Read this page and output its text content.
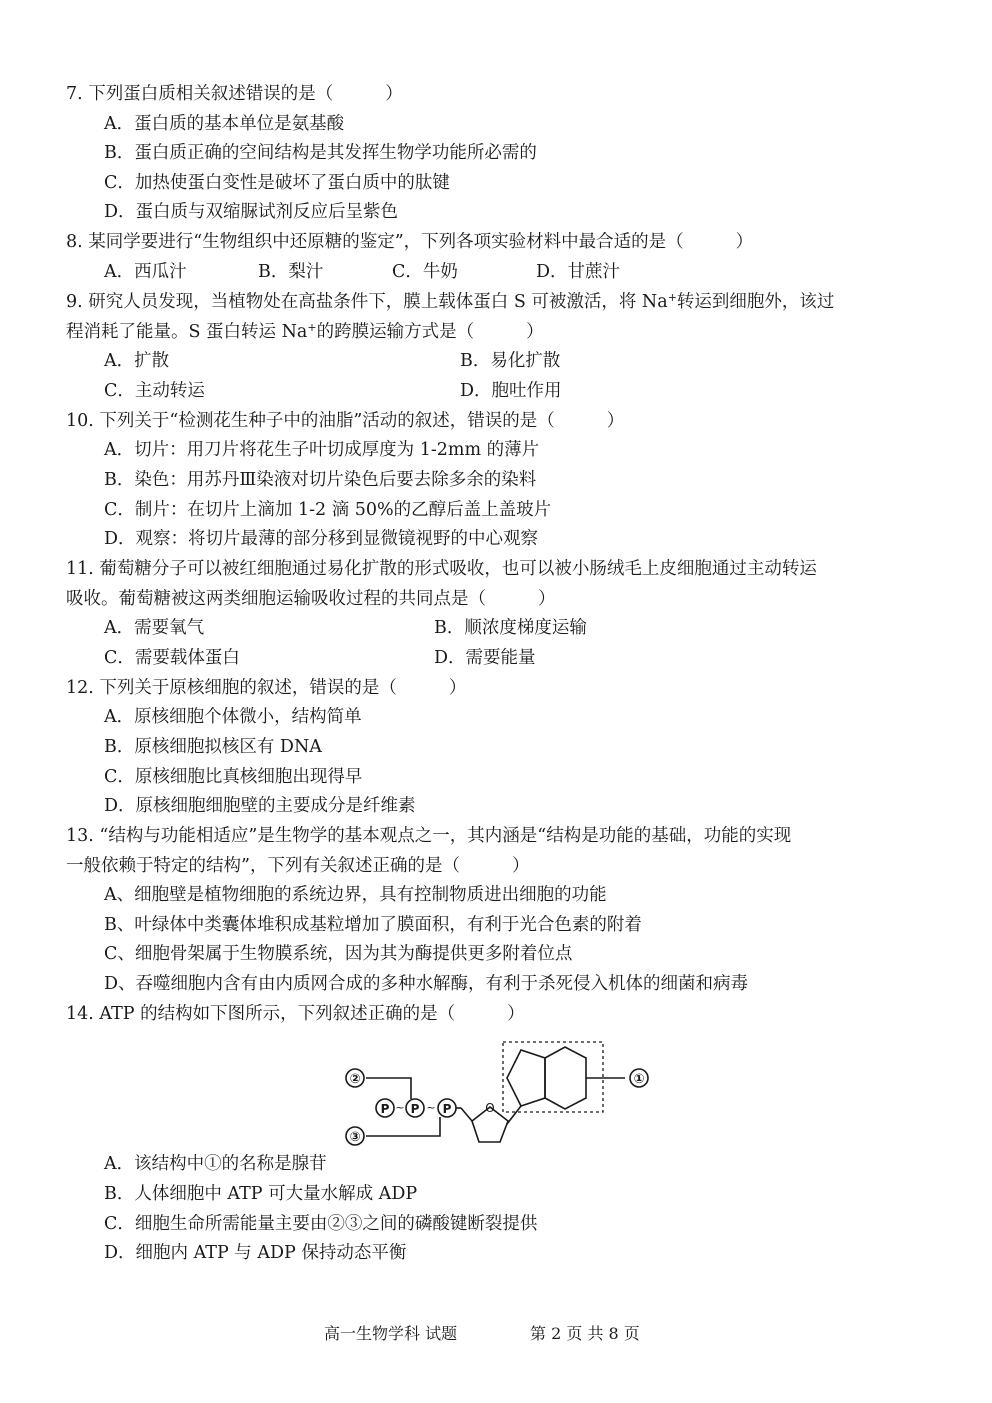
7. 下列蛋白质相关叙述错误的是（	）
A．蛋白质的基本单位是氨基酸
B．蛋白质正确的空间结构是其发挥生物学功能所必需的
C．加热使蛋白变性是破坏了蛋白质中的肽键
D．蛋白质与双缩脲试剂反应后呈紫色
8. 某同学要进行“生物组织中还原糖的鉴定”，下列各项实验材料中最合适的是（	）
A．西瓜汁	B．梨汁	C．牛奶	D．甘蔗汁
9. 研究人员发现，当植物处在高盐条件下，膜上载体蛋白 S 可被激活，将 Na+转运到细胞外，该过
程消耗了能量。S 蛋白转运 Na+的跨膜运输方式是（	）
A．扩散	B．易化扩散
C．主动转运	D．胞吐作用
10. 下列关于“检测花生种子中的油脂”活动的叙述，错误的是（	）
A．切片：用刀片将花生子叶切成厚度为 1-2mm 的薄片
B．染色：用苏丹Ⅲ染液对切片染色后要去除多余的染料
C．制片：在切片上滴加 1-2 滴 50%的乙醇后盖上盖玻片
D．观察：将切片最薄的部分移到显微镜视野的中心观察
11. 葡萄糖分子可以被红细胞通过易化扩散的形式吸收，也可以被小肠绒毛上皮细胞通过主动转运
吸收。葡萄糖被这两类细胞运输吸收过程的共同点是（	）
A．需要氧气	B．顺浓度梯度运输
C．需要载体蛋白	D．需要能量
12. 下列关于原核细胞的叙述，错误的是（	）
A．原核细胞个体微小，结构简单
B．原核细胞拟核区有 DNA
C．原核细胞比真核细胞出现得早
D．原核细胞细胞壁的主要成分是纤维素
13. “结构与功能相适应”是生物学的基本观点之一，其内涵是“结构是功能的基础，功能的实现
一般依赖于特定的结构”，下列有关叙述正确的是（	）
A、细胞壁是植物细胞的系统边界，具有控制物质进出细胞的功能
B、叶绿体中类囊体堆积成基粒增加了膜面积，有利于光合色素的附着
C、细胞骨架属于生物膜系统，因为其为酶提供更多附着位点
D、吞噬细胞内含有由内质网合成的多种水解酶，有利于杀死侵入机体的细菌和病毒
14. ATP 的结构如下图所示，下列叙述正确的是（	）
P P P
~ ~	O
①
②
③
A．该结构中①的名称是腺苷
B．人体细胞中 ATP 可大量水解成 ADP
C．细胞生命所需能量主要由②③之间的磷酸键断裂提供
D．细胞内 ATP 与 ADP 保持动态平衡
高一生物学科 试题	第 2 页 共 8 页
